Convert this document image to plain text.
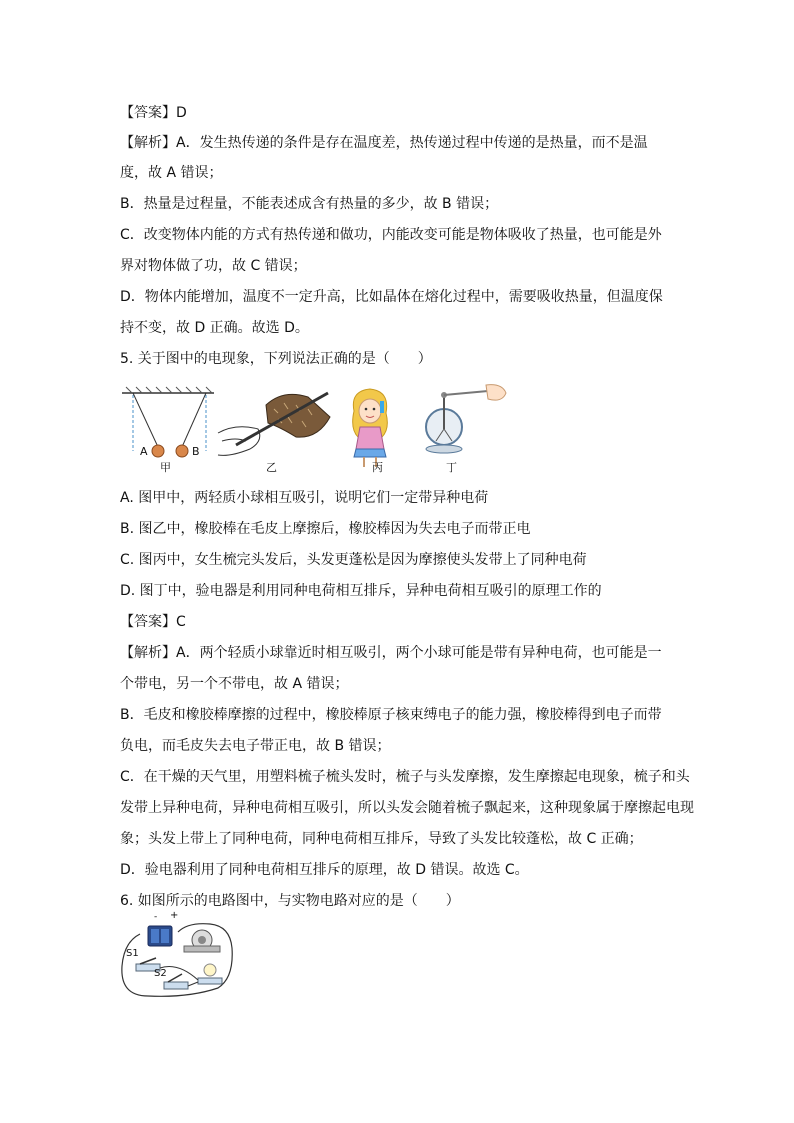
【答案】D
【解析】A．发生热传递的条件是存在温度差，热传递过程中传递的是热量，而不是温
度，故 A 错误；
B．热量是过程量，不能表述成含有热量的多少，故 B 错误；
C．改变物体内能的方式有热传递和做功，内能改变可能是物体吸收了热量，也可能是外
界对物体做了功，故 C 错误；
D．物体内能增加，温度不一定升高，比如晶体在熔化过程中，需要吸收热量，但温度保
持不变，故 D 正确。故选 D。
5. 关于图中的电现象，下列说法正确的是（　　）
A	B
甲	乙	丙	丁
A. 图甲中，两轻质小球相互吸引，说明它们一定带异种电荷
B. 图乙中，橡胶棒在毛皮上摩擦后，橡胶棒因为失去电子而带正电
C. 图丙中，女生梳完头发后，头发更蓬松是因为摩擦使头发带上了同种电荷
D. 图丁中，验电器是利用同种电荷相互排斥，异种电荷相互吸引的原理工作的
【答案】C
【解析】A．两个轻质小球靠近时相互吸引，两个小球可能是带有异种电荷，也可能是一
个带电，另一个不带电，故 A 错误；
B．毛皮和橡胶棒摩擦的过程中，橡胶棒原子核束缚电子的能力强，橡胶棒得到电子而带
负电，而毛皮失去电子带正电，故 B 错误；
C．在干燥的天气里，用塑料梳子梳头发时，梳子与头发摩擦，发生摩擦起电现象，梳子和头
发带上异种电荷，异种电荷相互吸引，所以头发会随着梳子飘起来，这种现象属于摩擦起电现
象；头发上带上了同种电荷，同种电荷相互排斥，导致了头发比较蓬松，故 C 正确；
D．验电器利用了同种电荷相互排斥的原理，故 D 错误。故选 C。
6. 如图所示的电路图中，与实物电路对应的是（　　）
- +
S1
S2
